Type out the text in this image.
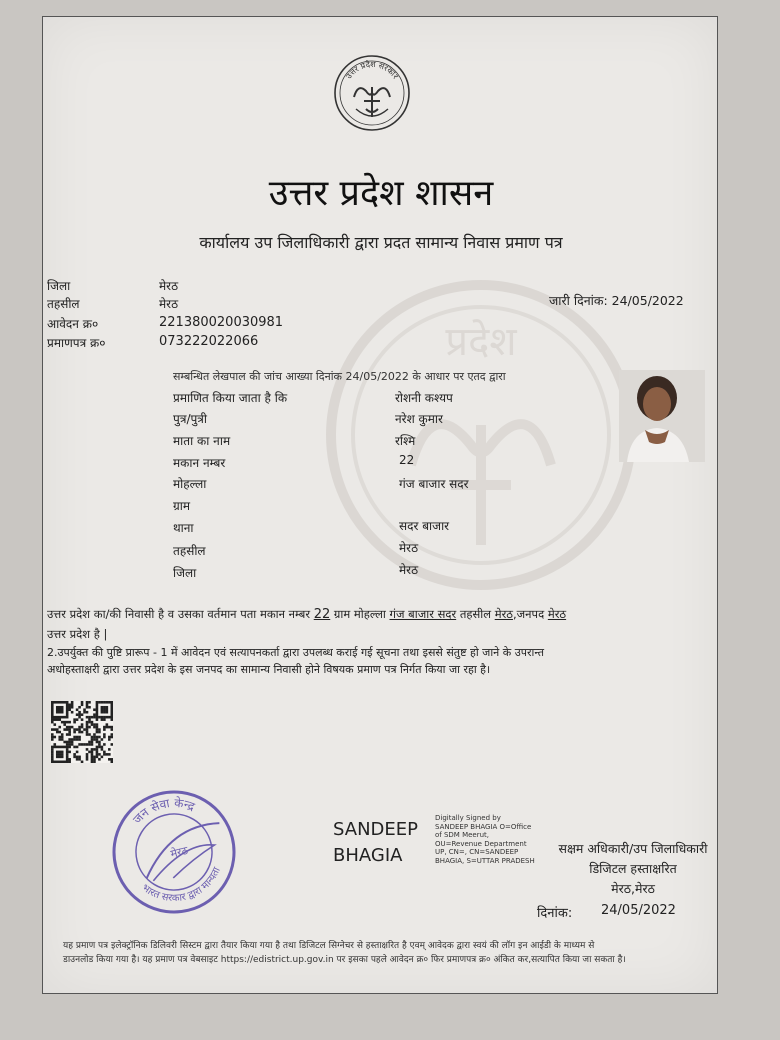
उत्तर प्रदेश सरकार
प्रदेश
उत्तर प्रदेश शासन
कार्यालय उप जिलाधिकारी द्वारा प्रदत सामान्य निवास प्रमाण पत्र
जिला	मेरठ
तहसील	मेरठ
आवेदन क्र०	221380020030981
प्रमाणपत्र क्र०	073222022066
जारी दिनांक: 24/05/2022
सम्बन्धित लेखपाल की जांच आख्या दिनांक 24/05/2022 के आधार पर एतद द्वारा
प्रमाणित किया जाता है कि	रोशनी कश्यप
पुत्र/पुत्री	नरेश कुमार
माता का नाम	रश्मि
मकान नम्बर	22
मोहल्ला	गंज बाजार सदर
ग्राम
थाना	सदर बाजार
तहसील	मेरठ
जिला	मेरठ
उत्तर प्रदेश का/की निवासी है व उसका वर्तमान पता मकान नम्बर 22 ग्राम मोहल्ला गंज बाजार सदर तहसील मेरठ,जनपद मेरठ
उत्तर प्रदेश है |
2.उपर्युक्त की पुष्टि प्रारूप - 1 में आवेदन एवं सत्यापनकर्ता द्वारा उपलब्ध कराई गई सूचना तथा इससे संतुष्ट हो जाने के उपरान्त
अधोहस्ताक्षरी द्वारा उत्तर प्रदेश के इस जनपद का सामान्य निवासी होने विषयक प्रमाण पत्र निर्गत किया जा रहा है।
जन सेवा केन्द्र
भारत सरकार द्वारा मान्यता
मेरठ
SANDEEP
BHAGIA
Digitally Signed by SANDEEP BHAGIA O=Office of SDM Meerut, OU=Revenue Department UP, CN=, CN=SANDEEP BHAGIA, S=UTTAR PRADESH
सक्षम अधिकारी/उप जिलाधिकारी
डिजिटल हस्ताक्षरित
मेरठ,मेरठ
दिनांक: 24/05/2022
यह प्रमाण पत्र इलेक्ट्रॉनिक डिलिवरी सिस्टम द्वारा तैयार किया गया है तथा डिजिटल सिग्नेचर से हस्ताक्षरित है एवम् आवेदक द्वारा स्वयं की लॉग इन आईडी के माध्यम से
डाउनलोड किया गया है। यह प्रमाण पत्र वेबसाइट https://edistrict.up.gov.in पर इसका पहले आवेदन क्र० फिर प्रमाणपत्र क्र० अंकित कर,सत्यापित किया जा सकता है।
